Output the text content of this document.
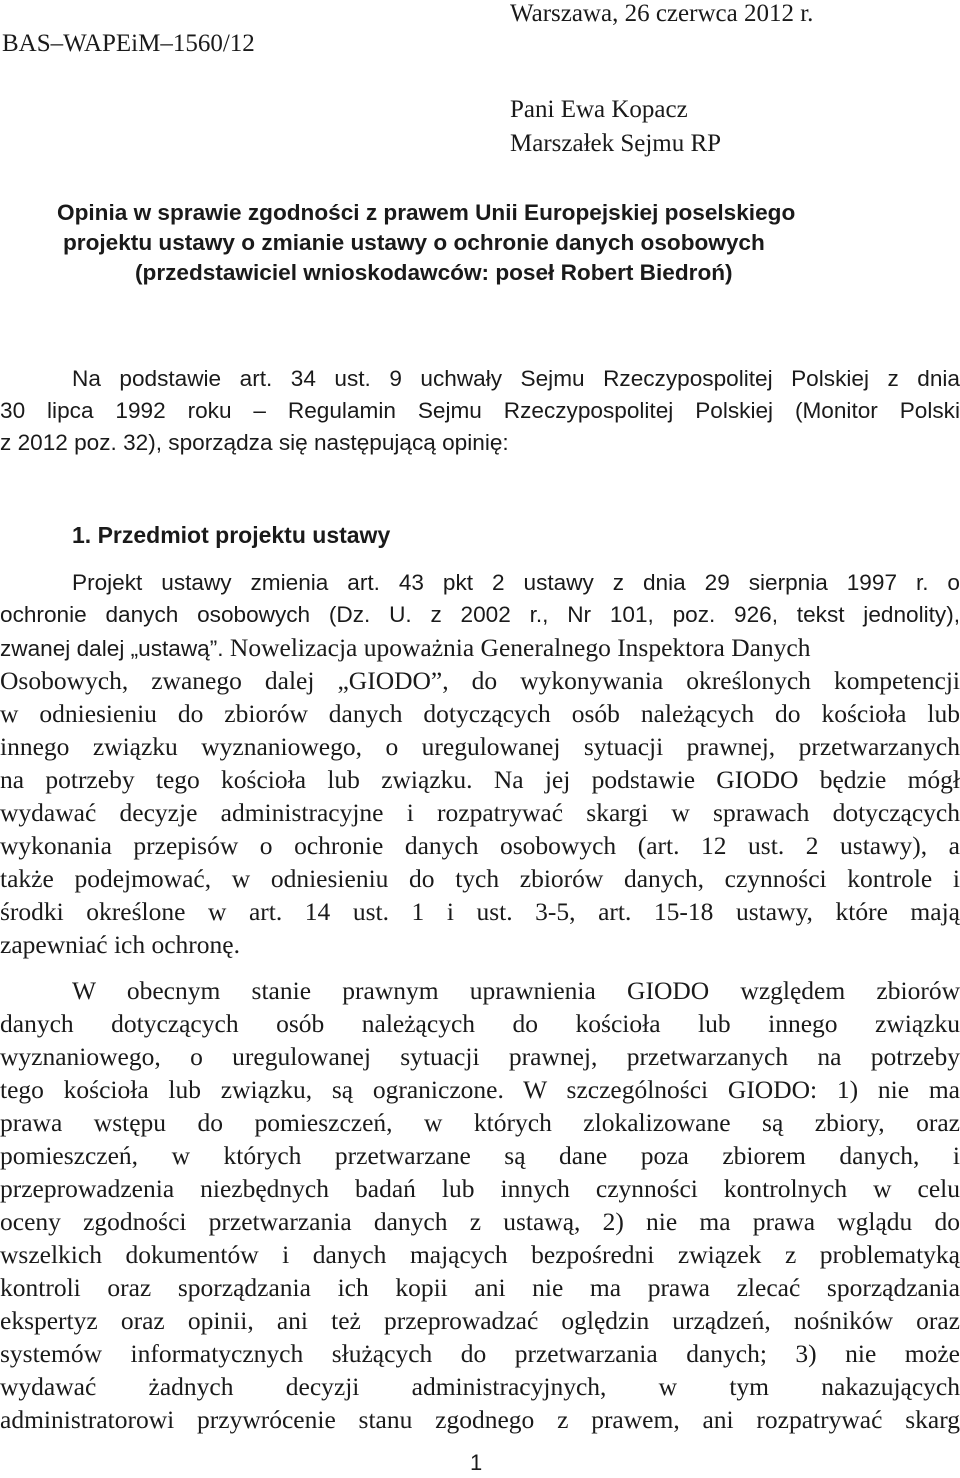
BAS–WAPEiM–1560/12
Warszawa, 26 czerwca 2012 r.
Pani Ewa Kopacz
Marszałek Sejmu RP
Opinia w sprawie zgodności z prawem Unii Europejskiej poselskiego
projektu ustawy o zmianie ustawy o ochronie danych osobowych
(przedstawiciel wnioskodawców: poseł Robert Biedroń)
Na podstawie art. 34 ust. 9 uchwały Sejmu Rzeczypospolitej Polskiej z dnia
30 lipca 1992 roku – Regulamin Sejmu Rzeczypospolitej Polskiej (Monitor Polski
z 2012 poz. 32), sporządza się następującą opinię:
1. Przedmiot projektu ustawy
Projekt ustawy zmienia art. 43 pkt 2 ustawy z dnia 29 sierpnia 1997 r. o
ochronie danych osobowych (Dz. U. z 2002 r., Nr 101, poz. 926, tekst jednolity),
zwanej dalej „ustawą”. Nowelizacja upoważnia Generalnego Inspektora Danych
Osobowych, zwanego dalej „GIODO”, do wykonywania określonych kompetencji
w odniesieniu do zbiorów danych dotyczących osób należących do kościoła lub
innego związku wyznaniowego, o uregulowanej sytuacji prawnej, przetwarzanych
na potrzeby tego kościoła lub związku. Na jej podstawie GIODO będzie mógł
wydawać decyzje administracyjne i rozpatrywać skargi w sprawach dotyczących
wykonania przepisów o ochronie danych osobowych (art. 12 ust. 2 ustawy), a
także podejmować, w odniesieniu do tych zbiorów danych, czynności kontrole i
środki określone w art. 14 ust. 1 i ust. 3-5, art. 15-18 ustawy, które mają
zapewniać ich ochronę.
W obecnym stanie prawnym uprawnienia GIODO względem zbiorów
danych dotyczących osób należących do kościoła lub innego związku
wyznaniowego, o uregulowanej sytuacji prawnej, przetwarzanych na potrzeby
tego kościoła lub związku, są ograniczone. W szczególności GIODO: 1) nie ma
prawa wstępu do pomieszczeń, w których zlokalizowane są zbiory, oraz
pomieszczeń, w których przetwarzane są dane poza zbiorem danych, i
przeprowadzenia niezbędnych badań lub innych czynności kontrolnych w celu
oceny zgodności przetwarzania danych z ustawą, 2) nie ma prawa wglądu do
wszelkich dokumentów i danych mających bezpośredni związek z problematyką
kontroli oraz sporządzania ich kopii ani nie ma prawa zlecać sporządzania
ekspertyz oraz opinii, ani też przeprowadzać oględzin urządzeń, nośników oraz
systemów informatycznych służących do przetwarzania danych; 3) nie może
wydawać żadnych decyzji administracyjnych, w tym nakazujących
administratorowi przywrócenie stanu zgodnego z prawem, ani rozpatrywać skarg
1
